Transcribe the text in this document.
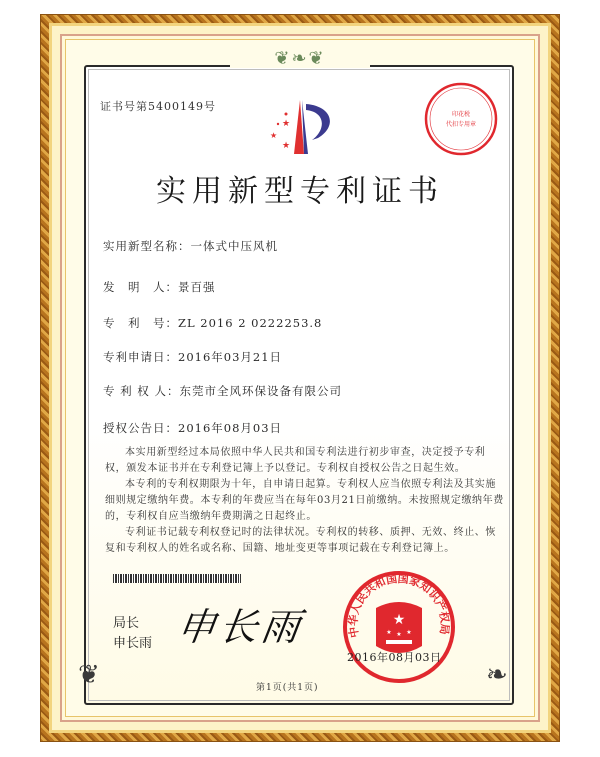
❦❧❦
❦	❧
证书号第5400149号
★
★
★
印花税
代扣专用章
实用新型专利证书
实用新型名称：一体式中压风机
发　明　人：景百强
专　利　号：ZL 2016 2 0222253.8
专利申请日：2016年03月21日
专 利 权 人：东莞市全风环保设备有限公司
授权公告日：2016年08月03日

本实用新型经过本局依照中华人民共和国专利法进行初步审查，决定授予专利权，颁发本证书并在专利登记簿上予以登记。专利权自授权公告之日起生效。

本专利的专利权期限为十年，自申请日起算。专利权人应当依照专利法及其实施细则规定缴纳年费。本专利的年费应当在每年03月21日前缴纳。未按照规定缴纳年费的，专利权自应当缴纳年费期满之日起终止。

专利证书记载专利权登记时的法律状况。专利权的转移、质押、无效、终止、恢复和专利权人的姓名或名称、国籍、地址变更等事项记载在专利登记簿上。

局长
申长雨 申长雨	中华人民共和国国家知识产权局
★
★ ★ ★
2016年08月03日
第1页(共1页)
